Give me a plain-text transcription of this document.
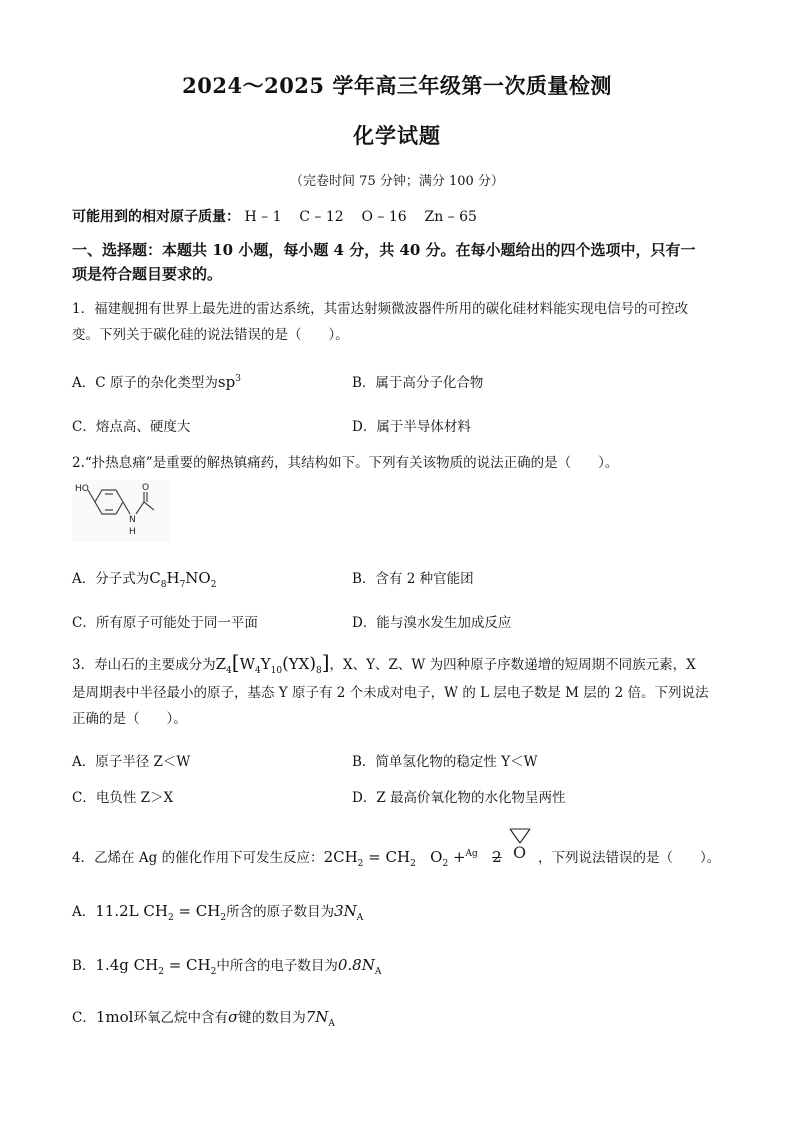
2024～2025 学年高三年级第一次质量检测
化学试题
（完卷时间 75 分钟；满分 100 分）
可能用到的相对原子质量： H – 1    C – 12    O – 16    Zn – 65
一、选择题：本题共 10 小题，每小题 4 分，共 40 分。在每小题给出的四个选项中，只有一
项是符合题目要求的。
1．福建舰拥有世界上最先进的雷达系统，其雷达射频微波器件所用的碳化硅材料能实现电信号的可控改
变。下列关于碳化硅的说法错误的是（　　）。
A．C 原子的杂化类型为$sp^3$	B．属于高分子化合物
C．熔点高、硬度大	D．属于半导体材料
2.“扑热息痛”是重要的解热镇痛药，其结构如下。下列有关该物质的说法正确的是（　　）。
HO	O
N
H
A．分子式为$C_8H_7NO_2$	B．含有 2 种官能团
C．所有原子可能处于同一平面	D．能与溴水发生加成反应
3．寿山石的主要成分为$Z_4[W_4Y_{10}(YX)_8]$，X、Y、Z、W 为四种原子序数递增的短周期不同族元素，X
是周期表中半径最小的原子，基态 Y 原子有 2 个未成对电子，W 的 L 层电子数是 M 层的 2 倍。下列说法
正确的是（　　）。
A．原子半径 Z＜W	B．简单氢化物的稳定性 Y＜W
C．电负性 Z＞X	D．Z 最高价氧化物的水化物呈两性
4．乙烯在 Ag 的催化作用下可发生反应：$2CH_2 = CH_2$ $O_2 +^{Ag}$ 2 O ，下列说法错误的是（　　）。
A．11.2L $CH_2 = CH_2$所含的原子数目为$3N_A$
B．1.4g $CH_2 = CH_2$中所含的电子数目为$0.8N_A$
C．1mol环氧乙烷中含有σ键的数目为$7N_A$
